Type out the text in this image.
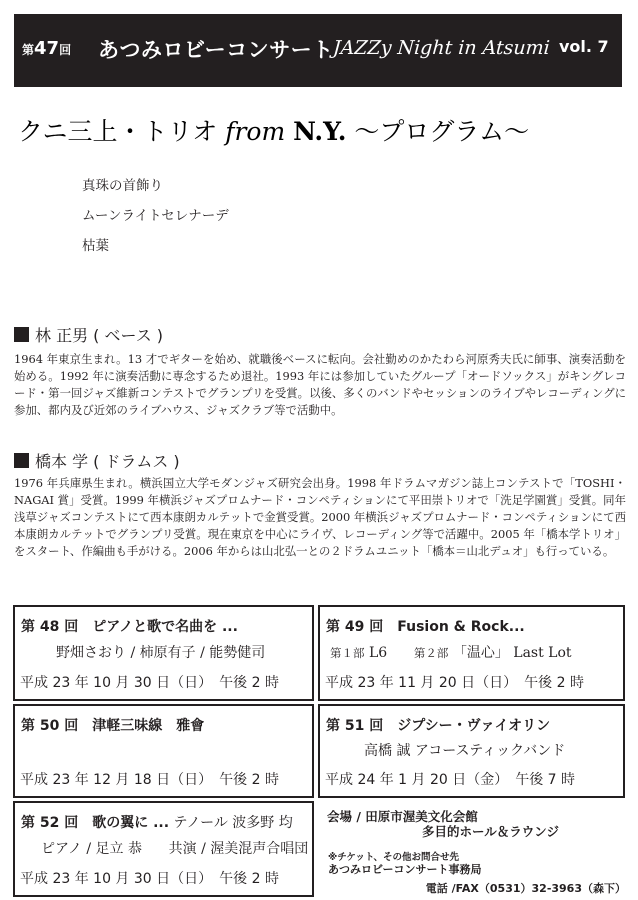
第47回 あつみロビーコンサート
JAZZy Night in Atsumi vol. 7
クニ三上・トリオ from N.Y. ～プログラム～
真珠の首飾り
ムーンライトセレナーデ
枯葉
林 正男 ( ベース )

1964 年東京生まれ。13 才でギターを始め、就職後ベースに転向。会社勤めのかたわら河原秀夫氏に師事、演奏活動を始める。1992 年に演奏活動に専念するため退社。1993 年には参加していたグループ「オードソックス」がキングレコード・第一回ジャズ維新コンテストでグランプリを受賞。以後、多くのバンドやセッションのライブやレコーディングに参加、都内及び近郊のライブハウス、ジャズクラブ等で活動中。

橋本 学 ( ドラムス )

1976 年兵庫県生まれ。横浜国立大学モダンジャズ研究会出身。1998 年ドラムマガジン誌上コンテストで「TOSHI・NAGAI 賞」受賞。1999 年横浜ジャズプロムナード・コンペティションにて平田崇トリオで「洗足学園賞」受賞。同年浅草ジャズコンテストにて西本康朗カルテットで金賞受賞。2000 年横浜ジャズプロムナード・コンペティションにて西本康朗カルテットでグランプリ受賞。現在東京を中心にライヴ、レコーディング等で活躍中。2005 年「橋本学トリオ」をスタート、作編曲も手がける。2006 年からは山北弘一との２ドラムユニット「橋本＝山北デュオ」も行っている。

第 48 回 ピアノと歌で名曲を ...
野畑さおり / 柿原有子 / 能勢健司
平成 23 年 10 月 30 日（日）　午後 2 時
第 49 回 Fusion & Rock...
第１部 L6 第２部 「温心」 Last Lot
平成 23 年 11 月 20 日（日）　午後 2 時
第 50 回 津軽三味線　雅會
平成 23 年 12 月 18 日（日）　午後 2 時
第 51 回 ジプシー・ヴァイオリン
高橋 誠 アコースティックバンド
平成 24 年 1 月 20 日（金）　午後 7 時
第 52 回 歌の翼に ... テノール 波多野 均
ピアノ / 足立 恭 共演 / 渥美混声合唱団
平成 23 年 10 月 30 日（日）　午後 2 時
会場 / 田原市渥美文化会館
多目的ホール＆ラウンジ
※チケット、その他お問合せ先
あつみロビーコンサート事務局
電話 /FAX（0531）32-3963（森下）
